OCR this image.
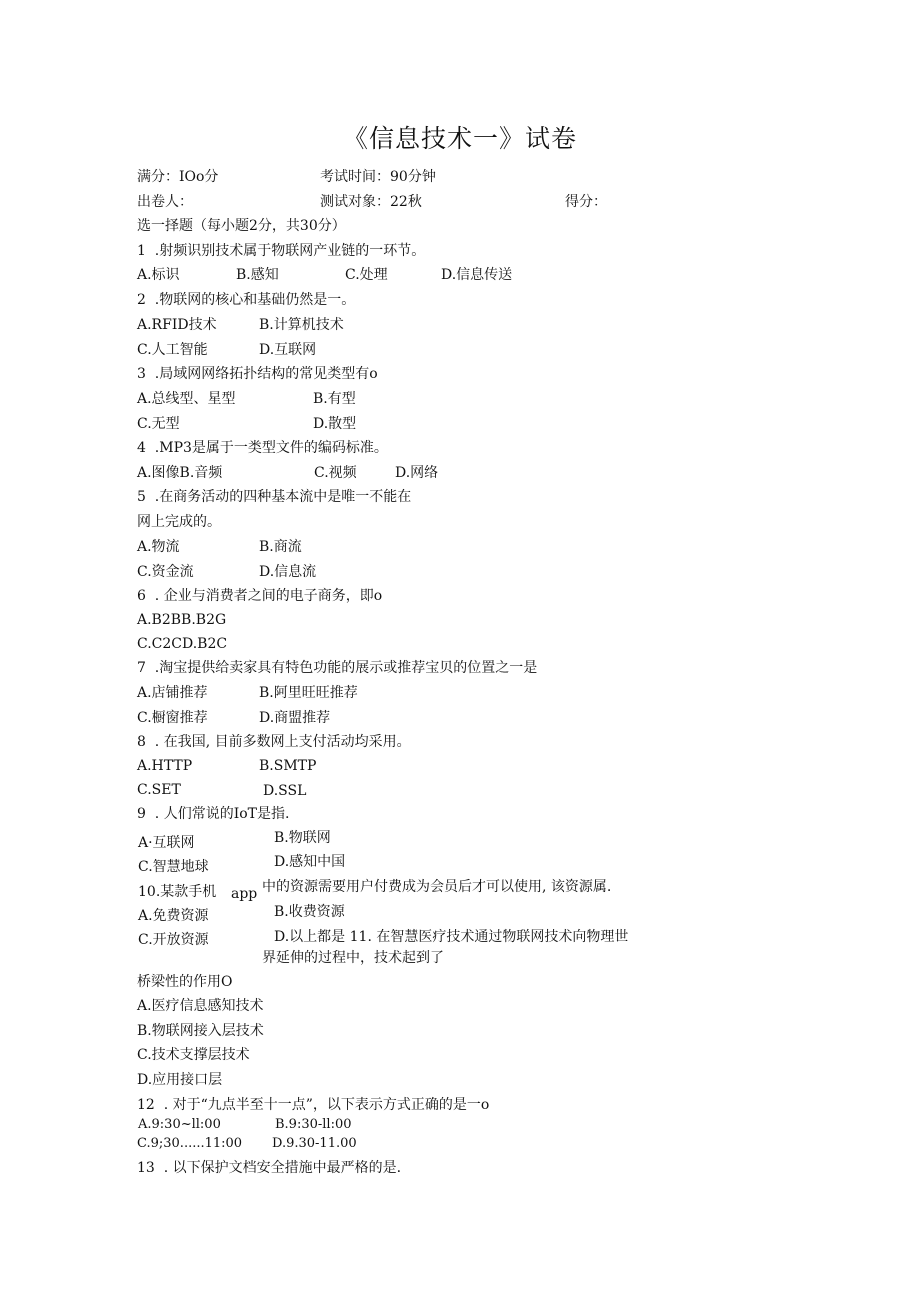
《信息技术一》试卷
满分：IOo分	考试时间：90分钟
出卷人：	测试对象：22秋	得分：
选一择题（每小题2分，共30分）
1  .射频识别技术属于物联网产业链的一环节。
A.标识	B.感知	C.处理	D.信息传送
2  .物联网的核心和基础仍然是一。
A.RFID技术	B.计算机技术
C.人工智能	D.互联网
3  .局域网网络拓扑结构的常见类型有o
A.总线型、星型	B.有型
C.无型	D.散型
4  .MP3是属于一类型文件的编码标准。
A.图像B.音频	C.视频	D.网络
5  .在商务活动的四种基本流中是唯一不能在
网上完成的。
A.物流	B.商流
C.资金流	D.信息流
6  . 企业与消费者之间的电子商务，即o
A.B2BB.B2G
C.C2CD.B2C
7  .淘宝提供给卖家具有特色功能的展示或推荐宝贝的位置之一是
A.店铺推荐	B.阿里旺旺推荐
C.橱窗推荐	D.商盟推荐
8  . 在我国, 目前多数网上支付活动均采用。
A.HTTP	B.SMTP
C.SET	D.SSL
9  . 人们常说的IoT是指.
A·互联网	B.物联网
C.智慧地球	D.感知中国
10.某款手机 app 中的资源需要用户付费成为会员后才可以使用, 该资源属.
A.免费资源	B.收费资源
C.开放资源	D.以上都是 11. 在智慧医疗技术通过物联网技术向物理世
界延伸的过程中，技术起到了
桥梁性的作用O
A.医疗信息感知技术
B.物联网接入层技术
C.技术支撑层技术
D.应用接口层
12  . 对于“九点半至十一点”，以下表示方式正确的是一o
A.9:30~ll:00	B.9:30-ll:00
C.9;30......11:00 D.9.30-11.00
13  . 以下保护文档安全措施中最严格的是.
